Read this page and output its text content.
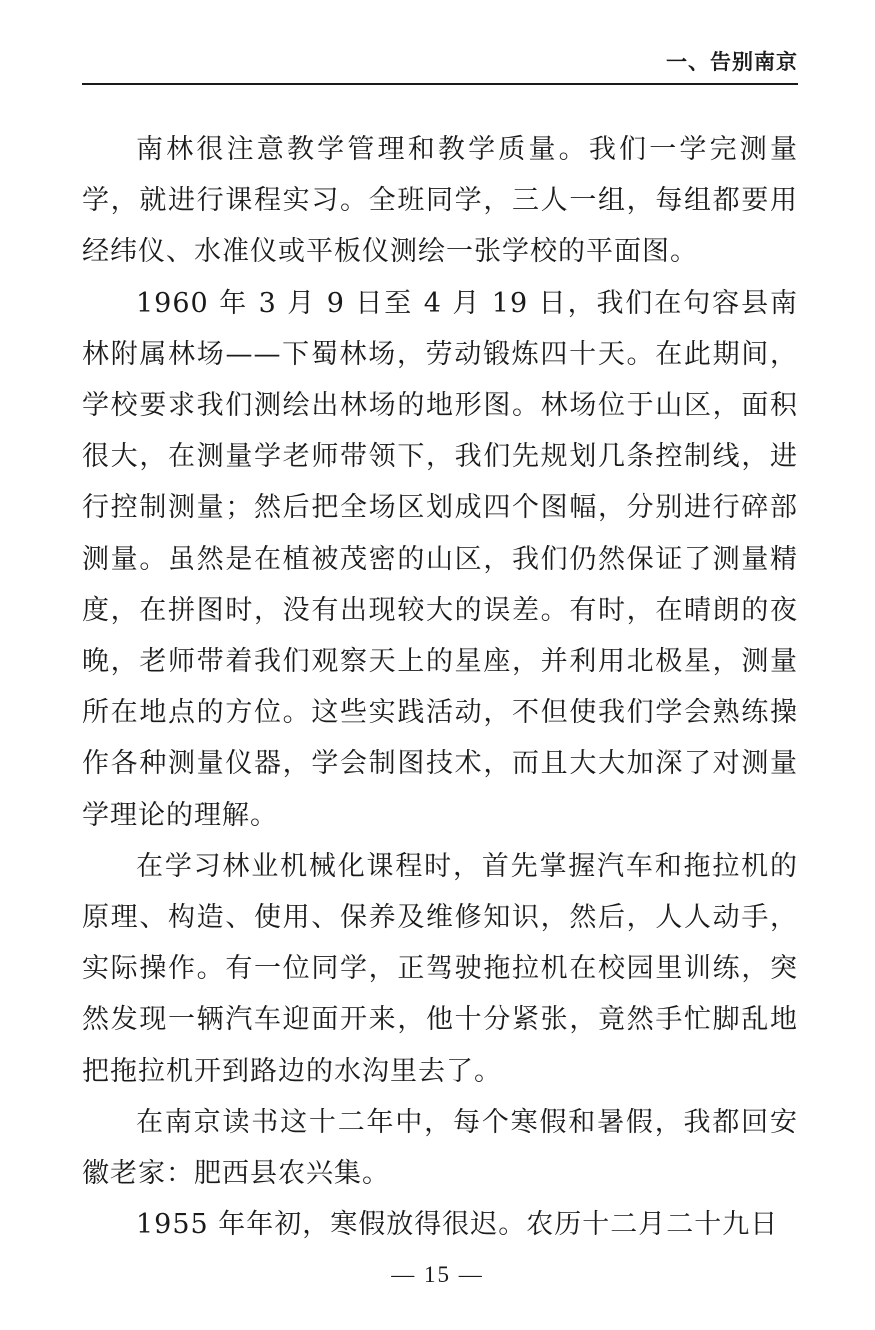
一、告别南京

南林很注意教学管理和教学质量。我们一学完测量学，就进行课程实习。全班同学，三人一组，每组都要用经纬仪、水准仪或平板仪测绘一张学校的平面图。

1960 年 3 月 9 日至 4 月 19 日，我们在句容县南林附属林场——下蜀林场，劳动锻炼四十天。在此期间，学校要求我们测绘出林场的地形图。林场位于山区，面积很大，在测量学老师带领下，我们先规划几条控制线，进行控制测量；然后把全场区划成四个图幅，分别进行碎部测量。虽然是在植被茂密的山区，我们仍然保证了测量精度，在拼图时，没有出现较大的误差。有时，在晴朗的夜晚，老师带着我们观察天上的星座，并利用北极星，测量所在地点的方位。这些实践活动，不但使我们学会熟练操作各种测量仪器，学会制图技术，而且大大加深了对测量学理论的理解。

在学习林业机械化课程时，首先掌握汽车和拖拉机的原理、构造、使用、保养及维修知识，然后，人人动手，实际操作。有一位同学，正驾驶拖拉机在校园里训练，突然发现一辆汽车迎面开来，他十分紧张，竟然手忙脚乱地把拖拉机开到路边的水沟里去了。

在南京读书这十二年中，每个寒假和暑假，我都回安徽老家：肥西县农兴集。

1955 年年初，寒假放得很迟。农历十二月二十九日

— 15 —
